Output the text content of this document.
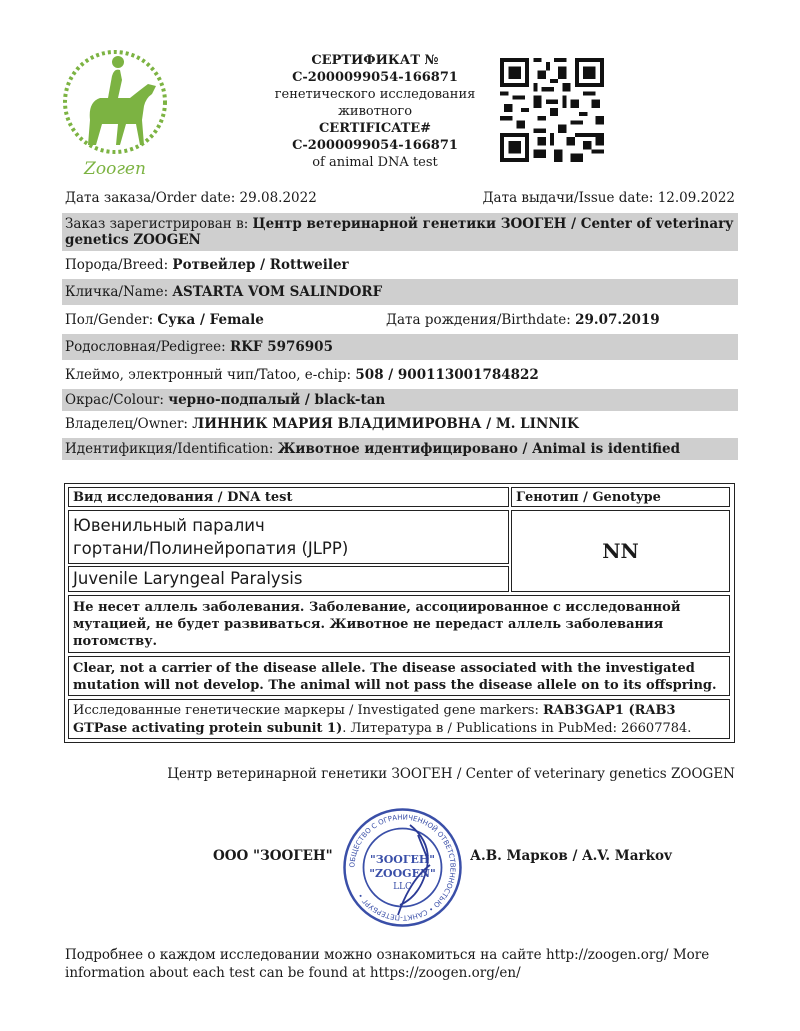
Zooгen
СЕРТИФИКАТ №
C-2000099054-166871
генетического исследования
животного
CERTIFICATE#
C-2000099054-166871
of animal DNA test
Дата заказа/Order date: 29.08.2022	Дата выдачи/Issue date: 12.09.2022
Заказ зарегистрирован в: Центр ветеринарной генетики ЗООГЕН / Center of veterinary genetics ZOOGEN
Порода/Breed: Ротвейлер / Rottweiler
Кличка/Name: ASTARTA VOM SALINDORF
Пол/Gender: Сука / Female	Дата рождения/Birthdate: 29.07.2019
Родословная/Pedigree: RKF 5976905
Клеймо, электронный чип/Tatoo, e-chip: 508 / 900113001784822
Окрас/Colour: черно-подпалый / black-tan
Владелец/Owner: ЛИННИК МАРИЯ ВЛАДИМИРОВНА / M. LINNIK
Идентификция/Identification: Животное идентифицировано / Animal is identified
Вид исследования / DNA test	Генотип / Genotype
Ювенильный паралич
гортани/Полинейропатия (JLPP)
Juvenile Laryngeal Paralysis
NN
Не несет аллель заболевания. Заболевание, ассоциированное с исследованной мутацией, не будет развиваться. Животное не передаст аллель заболевания потомству.
Clear, not a carrier of the disease allele. The disease associated with the investigated mutation will not develop. The animal will not pass the disease allele on to its offspring.
Исследованные генетические маркеры / Investigated gene markers: RAB3GAP1 (RAB3 GTPase activating protein subunit 1). Литература в / Publications in PubMed: 26607784.
Центр ветеринарной генетики ЗООГЕН / Center of veterinary genetics ZOOGEN
ОБЩЕСТВО С ОГРАНИЧЕННОЙ ОТВЕТСТВЕННОСТЬЮ • САНКТ-ПЕТЕРБУРГ •
"ЗООГЕН"
"ZOOGEN"
LLC
ООО "ЗООГЕН"	А.В. Марков / A.V. Markov
Подробнее о каждом исследовании можно ознакомиться на сайте http://zoogen.org/ More information about each test can be found at https://zoogen.org/en/
